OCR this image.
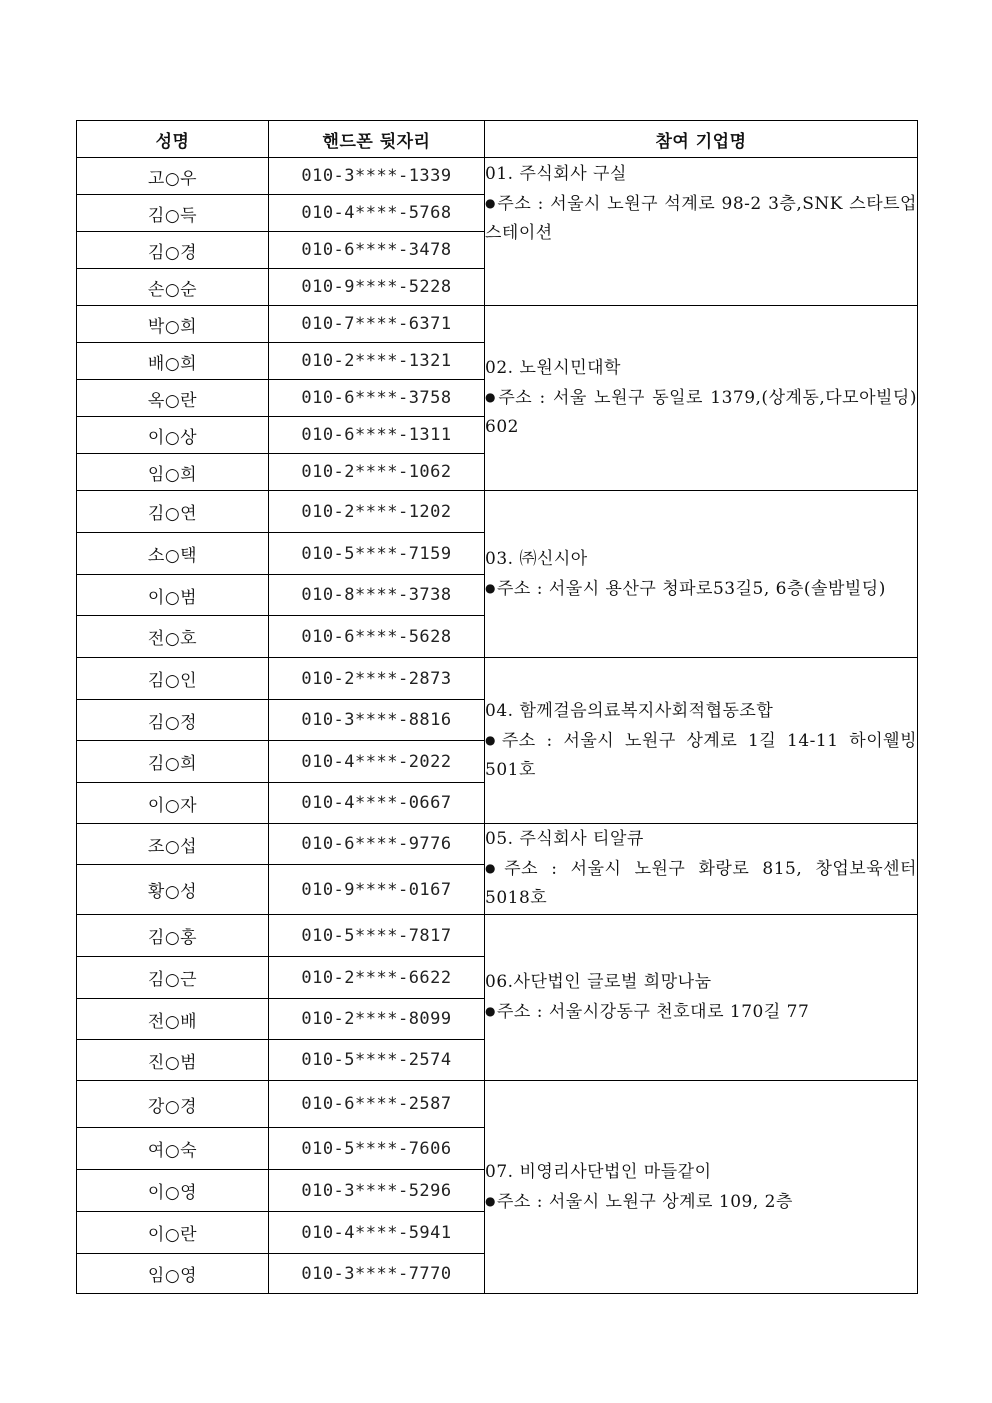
성명	핸드폰 뒷자리	참여 기업명
고○우	010-3****-1339	01. 주식회사 구실
●주소 : 서울시 노원구 석계로 98-2 3층,SNK 스타트업스테이션

김○득	010-4****-5768	
김○경	010-6****-3478	
손○순	010-9****-5228	
박○희	010-7****-6371	02. 노원시민대학
●주소 : 서울 노원구 동일로 1379,(상계동,다모아빌딩) 602

배○희	010-2****-1321	
옥○란	010-6****-3758	
이○상	010-6****-1311	
임○희	010-2****-1062	
김○연	010-2****-1202	03. ㈜신시아
●주소 : 서울시 용산구 청파로53길5, 6층(솔밤빌딩)

소○택	010-5****-7159	
이○범	010-8****-3738	
전○호	010-6****-5628	
김○인	010-2****-2873	04. 함께걸음의료복지사회적협동조합
●주소 : 서울시 노원구 상계로 1길 14-11 하이웰빙 501호

김○정	010-3****-8816	
김○희	010-4****-2022	
이○자	010-4****-0667	
조○섭	010-6****-9776	05. 주식회사 티알큐
●주소 : 서울시 노원구 화랑로 815, 창업보육센터 5018호

황○성	010-9****-0167	
김○홍	010-5****-7817	06.사단법인 글로벌 희망나눔
●주소 : 서울시강동구 천호대로 170길 77

김○근	010-2****-6622	
전○배	010-2****-8099	
진○범	010-5****-2574	
강○경	010-6****-2587	07. 비영리사단법인 마들같이
●주소 : 서울시 노원구 상계로 109, 2층

여○숙	010-5****-7606	
이○영	010-3****-5296	
이○란	010-4****-5941	
임○영	010-3****-7770	
